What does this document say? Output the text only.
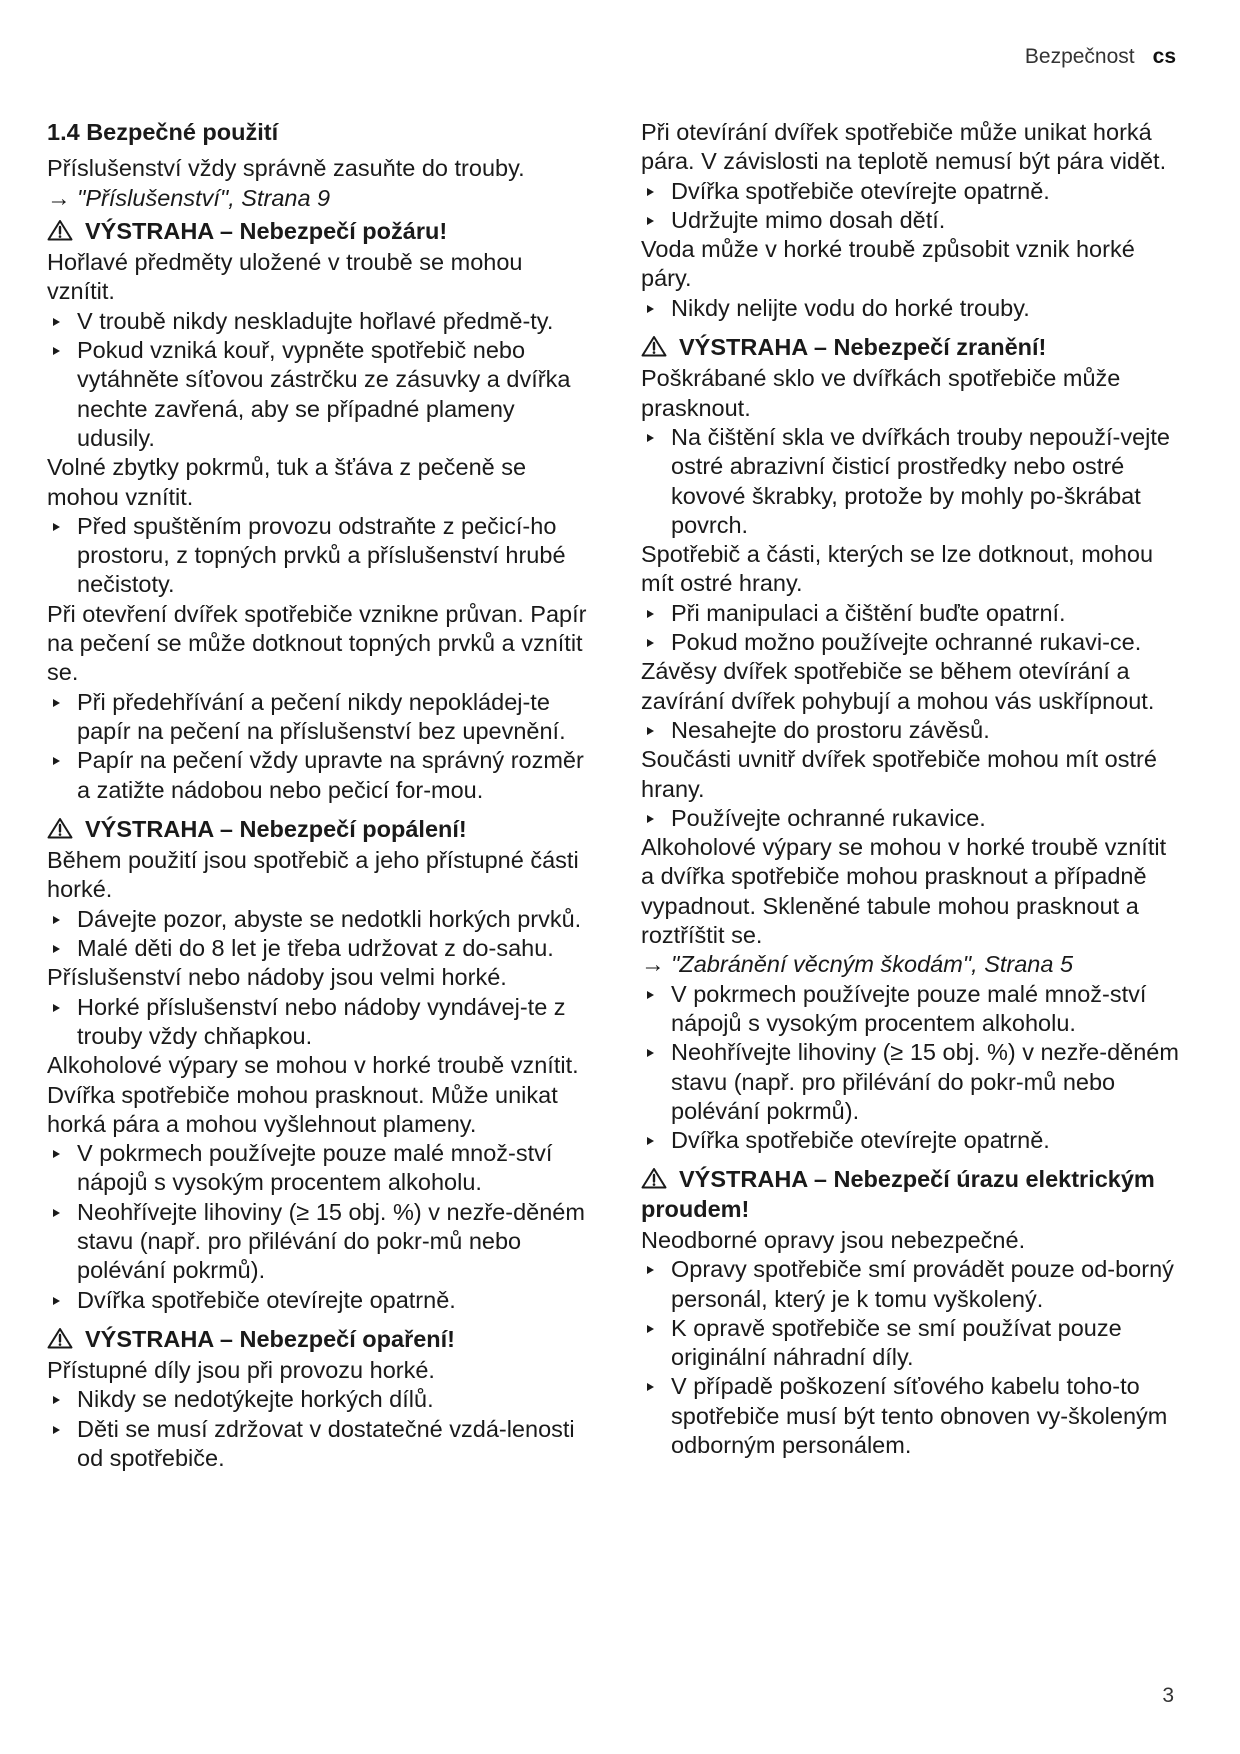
Bezpečnost cs
1.4 Bezpečné použití

Příslušenství vždy správně zasuňte do trouby.

→ "Příslušenství", Strana 9

VÝSTRAHA – Nebezpečí požáru!

Hořlavé předměty uložené v troubě se mohou vznítit.

V troubě nikdy neskladujte hořlavé předmě-ty.
Pokud vzniká kouř, vypněte spotřebič nebo vytáhněte síťovou zástrčku ze zásuvky a dvířka nechte zavřená, aby se případné plameny udusily.

Volné zbytky pokrmů, tuk a šťáva z pečeně se mohou vznítit.

Před spuštěním provozu odstraňte z pečicí-ho prostoru, z topných prvků a příslušenství hrubé nečistoty.

Při otevření dvířek spotřebiče vznikne průvan. Papír na pečení se může dotknout topných prvků a vznítit se.

Při předehřívání a pečení nikdy nepokládej-te papír na pečení na příslušenství bez upevnění.
Papír na pečení vždy upravte na správný rozměr a zatižte nádobou nebo pečicí for-mou.
VÝSTRAHA – Nebezpečí popálení!

Během použití jsou spotřebič a jeho přístupné části horké.

Dávejte pozor, abyste se nedotkli horkých prvků.
Malé děti do 8 let je třeba udržovat z do-sahu.

Příslušenství nebo nádoby jsou velmi horké.

Horké příslušenství nebo nádoby vyndávej-te z trouby vždy chňapkou.

Alkoholové výpary se mohou v horké troubě vznítit. Dvířka spotřebiče mohou prasknout. Může unikat horká pára a mohou vyšlehnout plameny.

V pokrmech používejte pouze malé množ-ství nápojů s vysokým procentem alkoholu.
Neohřívejte lihoviny (≥ 15 obj. %) v nezře-děném stavu (např. pro přilévání do pokr-mů nebo polévání pokrmů).
Dvířka spotřebiče otevírejte opatrně.
VÝSTRAHA – Nebezpečí opaření!

Přístupné díly jsou při provozu horké.

Nikdy se nedotýkejte horkých dílů.
Děti se musí zdržovat v dostatečné vzdá-lenosti od spotřebiče.

Při otevírání dvířek spotřebiče může unikat horká pára. V závislosti na teplotě nemusí být pára vidět.

Dvířka spotřebiče otevírejte opatrně.
Udržujte mimo dosah dětí.

Voda může v horké troubě způsobit vznik horké páry.

Nikdy nelijte vodu do horké trouby.
VÝSTRAHA – Nebezpečí zranění!

Poškrábané sklo ve dvířkách spotřebiče může prasknout.

Na čištění skla ve dvířkách trouby nepouží-vejte ostré abrazivní čisticí prostředky nebo ostré kovové škrabky, protože by mohly po-škrábat povrch.

Spotřebič a části, kterých se lze dotknout, mohou mít ostré hrany.

Při manipulaci a čištění buďte opatrní.
Pokud možno používejte ochranné rukavi-ce.

Závěsy dvířek spotřebiče se během otevírání a zavírání dvířek pohybují a mohou vás uskřípnout.

Nesahejte do prostoru závěsů.

Součásti uvnitř dvířek spotřebiče mohou mít ostré hrany.

Používejte ochranné rukavice.

Alkoholové výpary se mohou v horké troubě vznítit a dvířka spotřebiče mohou prasknout a případně vypadnout. Skleněné tabule mohou prasknout a roztříštit se.

→ "Zabránění věcným škodám", Strana 5

V pokrmech používejte pouze malé množ-ství nápojů s vysokým procentem alkoholu.
Neohřívejte lihoviny (≥ 15 obj. %) v nezře-děném stavu (např. pro přilévání do pokr-mů nebo polévání pokrmů).
Dvířka spotřebiče otevírejte opatrně.
VÝSTRAHA – Nebezpečí úrazu elektrickým proudem!

Neodborné opravy jsou nebezpečné.

Opravy spotřebiče smí provádět pouze od-borný personál, který je k tomu vyškolený.
K opravě spotřebiče se smí používat pouze originální náhradní díly.
V případě poškození síťového kabelu toho-to spotřebiče musí být tento obnoven vy-školeným odborným personálem.
3
